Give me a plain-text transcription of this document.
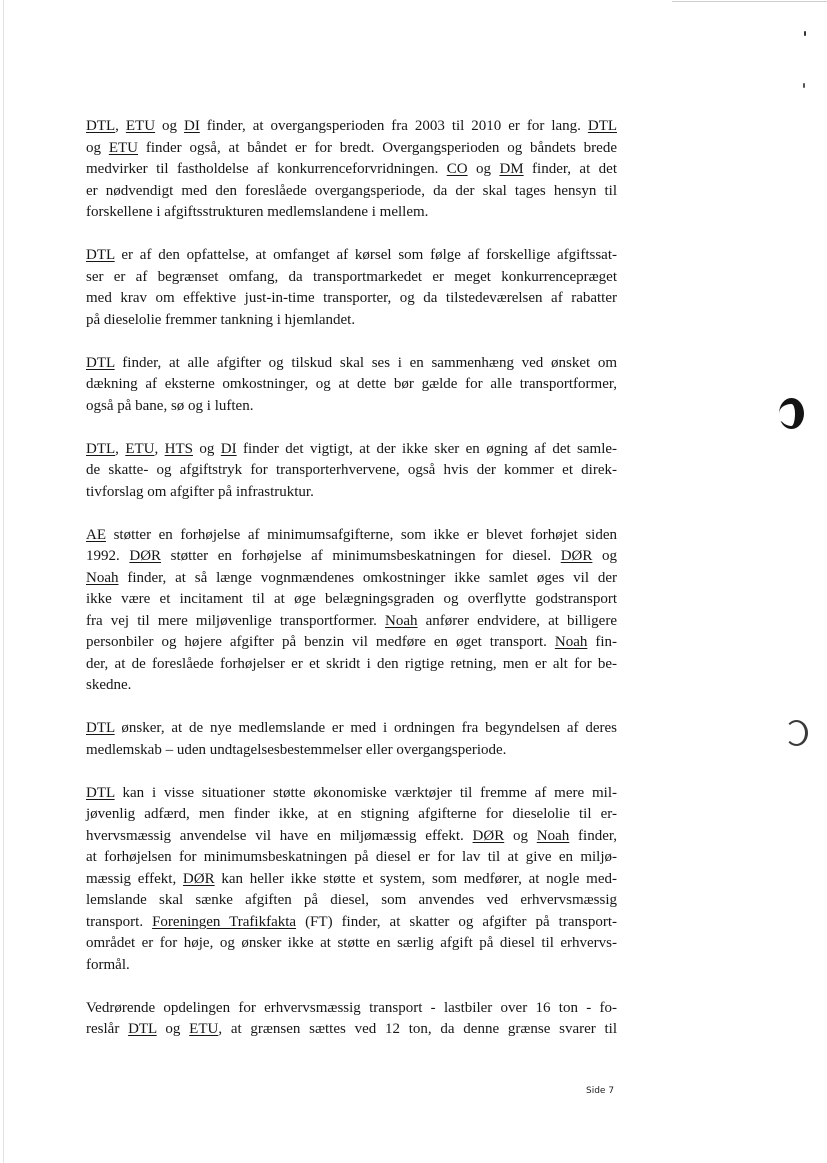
DTL, ETU og DI finder, at overgangsperioden fra 2003 til 2010 er for lang. DTL
og ETU finder også, at båndet er for bredt. Overgangsperioden og båndets brede
medvirker til fastholdelse af konkurrenceforvridningen. CO og DM finder, at det
er nødvendigt med den foreslåede overgangsperiode, da der skal tages hensyn til
forskellene i afgiftsstrukturen medlemslandene i mellem.
DTL er af den opfattelse, at omfanget af kørsel som følge af forskellige afgiftssat-
ser er af begrænset omfang, da transportmarkedet er meget konkurrencepræget
med krav om effektive just-in-time transporter, og da tilstedeværelsen af rabatter
på dieselolie fremmer tankning i hjemlandet.
DTL finder, at alle afgifter og tilskud skal ses i en sammenhæng ved ønsket om
dækning af eksterne omkostninger, og at dette bør gælde for alle transportformer,
også på bane, sø og i luften.
DTL, ETU, HTS og DI finder det vigtigt, at der ikke sker en øgning af det samle-
de skatte- og afgiftstryk for transporterhvervene, også hvis der kommer et direk-
tivforslag om afgifter på infrastruktur.
AE støtter en forhøjelse af minimumsafgifterne, som ikke er blevet forhøjet siden
1992. DØR støtter en forhøjelse af minimumsbeskatningen for diesel. DØR og
Noah finder, at så længe vognmændenes omkostninger ikke samlet øges vil der
ikke være et incitament til at øge belægningsgraden og overflytte godstransport
fra vej til mere miljøvenlige transportformer. Noah anfører endvidere, at billigere
personbiler og højere afgifter på benzin vil medføre en øget transport. Noah fin-
der, at de foreslåede forhøjelser er et skridt i den rigtige retning, men er alt for be-
skedne.
DTL ønsker, at de nye medlemslande er med i ordningen fra begyndelsen af deres
medlemskab – uden undtagelsesbestemmelser eller overgangsperiode.
DTL kan i visse situationer støtte økonomiske værktøjer til fremme af mere mil-
jøvenlig adfærd, men finder ikke, at en stigning afgifterne for dieselolie til er-
hvervsmæssig anvendelse vil have en miljømæssig effekt. DØR og Noah finder,
at forhøjelsen for minimumsbeskatningen på diesel er for lav til at give en miljø-
mæssig effekt, DØR kan heller ikke støtte et system, som medfører, at nogle med-
lemslande skal sænke afgiften på diesel, som anvendes ved erhvervsmæssig
transport. Foreningen Trafikfakta (FT) finder, at skatter og afgifter på transport-
området er for høje, og ønsker ikke at støtte en særlig afgift på diesel til erhvervs-
formål.
Vedrørende opdelingen for erhvervsmæssig transport - lastbiler over 16 ton - fo-
reslår DTL og ETU, at grænsen sættes ved 12 ton, da denne grænse svarer til
Side 7
